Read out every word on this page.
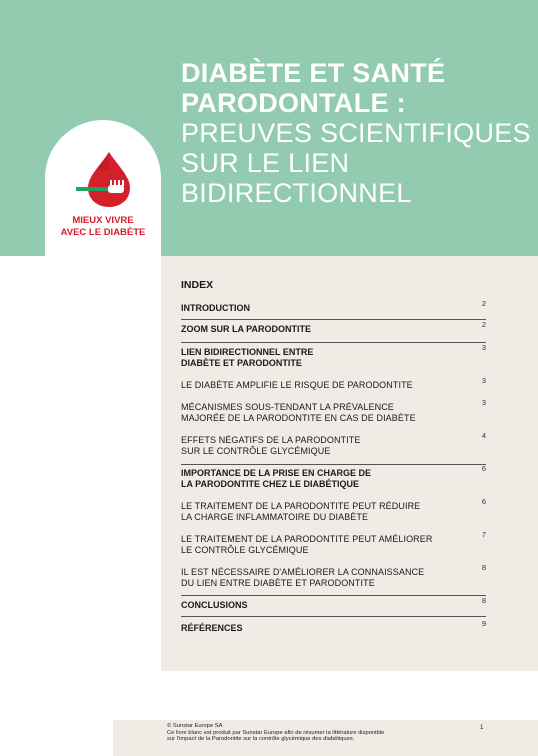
MIEUX VIVRE
AVEC LE DIABÈTE
DIABÈTE ET SANTÉ
PARODONTALE :
PREUVES SCIENTIFIQUES
SUR LE LIEN
BIDIRECTIONNEL
INDEX
INTRODUCTION	2
ZOOM SUR LA PARODONTITE	2
LIEN BIDIRECTIONNEL ENTRE
DIABÈTE ET PARODONTITE
3
LE DIABÈTE AMPLIFIE LE RISQUE DE PARODONTITE	3
MÉCANISMES SOUS-TENDANT LA PRÉVALENCE
MAJORÉE DE LA PARODONTITE EN CAS DE DIABÈTE
3
EFFETS NÉGATIFS DE LA PARODONTITE
SUR LE CONTRÔLE GLYCÉMIQUE
4
IMPORTANCE DE LA PRISE EN CHARGE DE
LA PARODONTITE CHEZ LE DIABÉTIQUE
6
LE TRAITEMENT DE LA PARODONTITE PEUT RÉDUIRE
LA CHARGE INFLAMMATOIRE DU DIABÈTE
6
LE TRAITEMENT DE LA PARODONTITE PEUT AMÉLIORER
LE CONTRÔLE GLYCÉMIQUE
7
IL EST NÉCESSAIRE D'AMÉLIORER LA CONNAISSANCE
DU LIEN ENTRE DIABÈTE ET PARODONTITE
8
CONCLUSIONS	8
RÉFÉRENCES	9
© Sunstar Europe SA
Ce livre blanc est produit par Sunstar Europe afin de résumer la littérature disponible
sur l'impact de la Parodontite sur la contrôle glycémique des diabétiques.
1
